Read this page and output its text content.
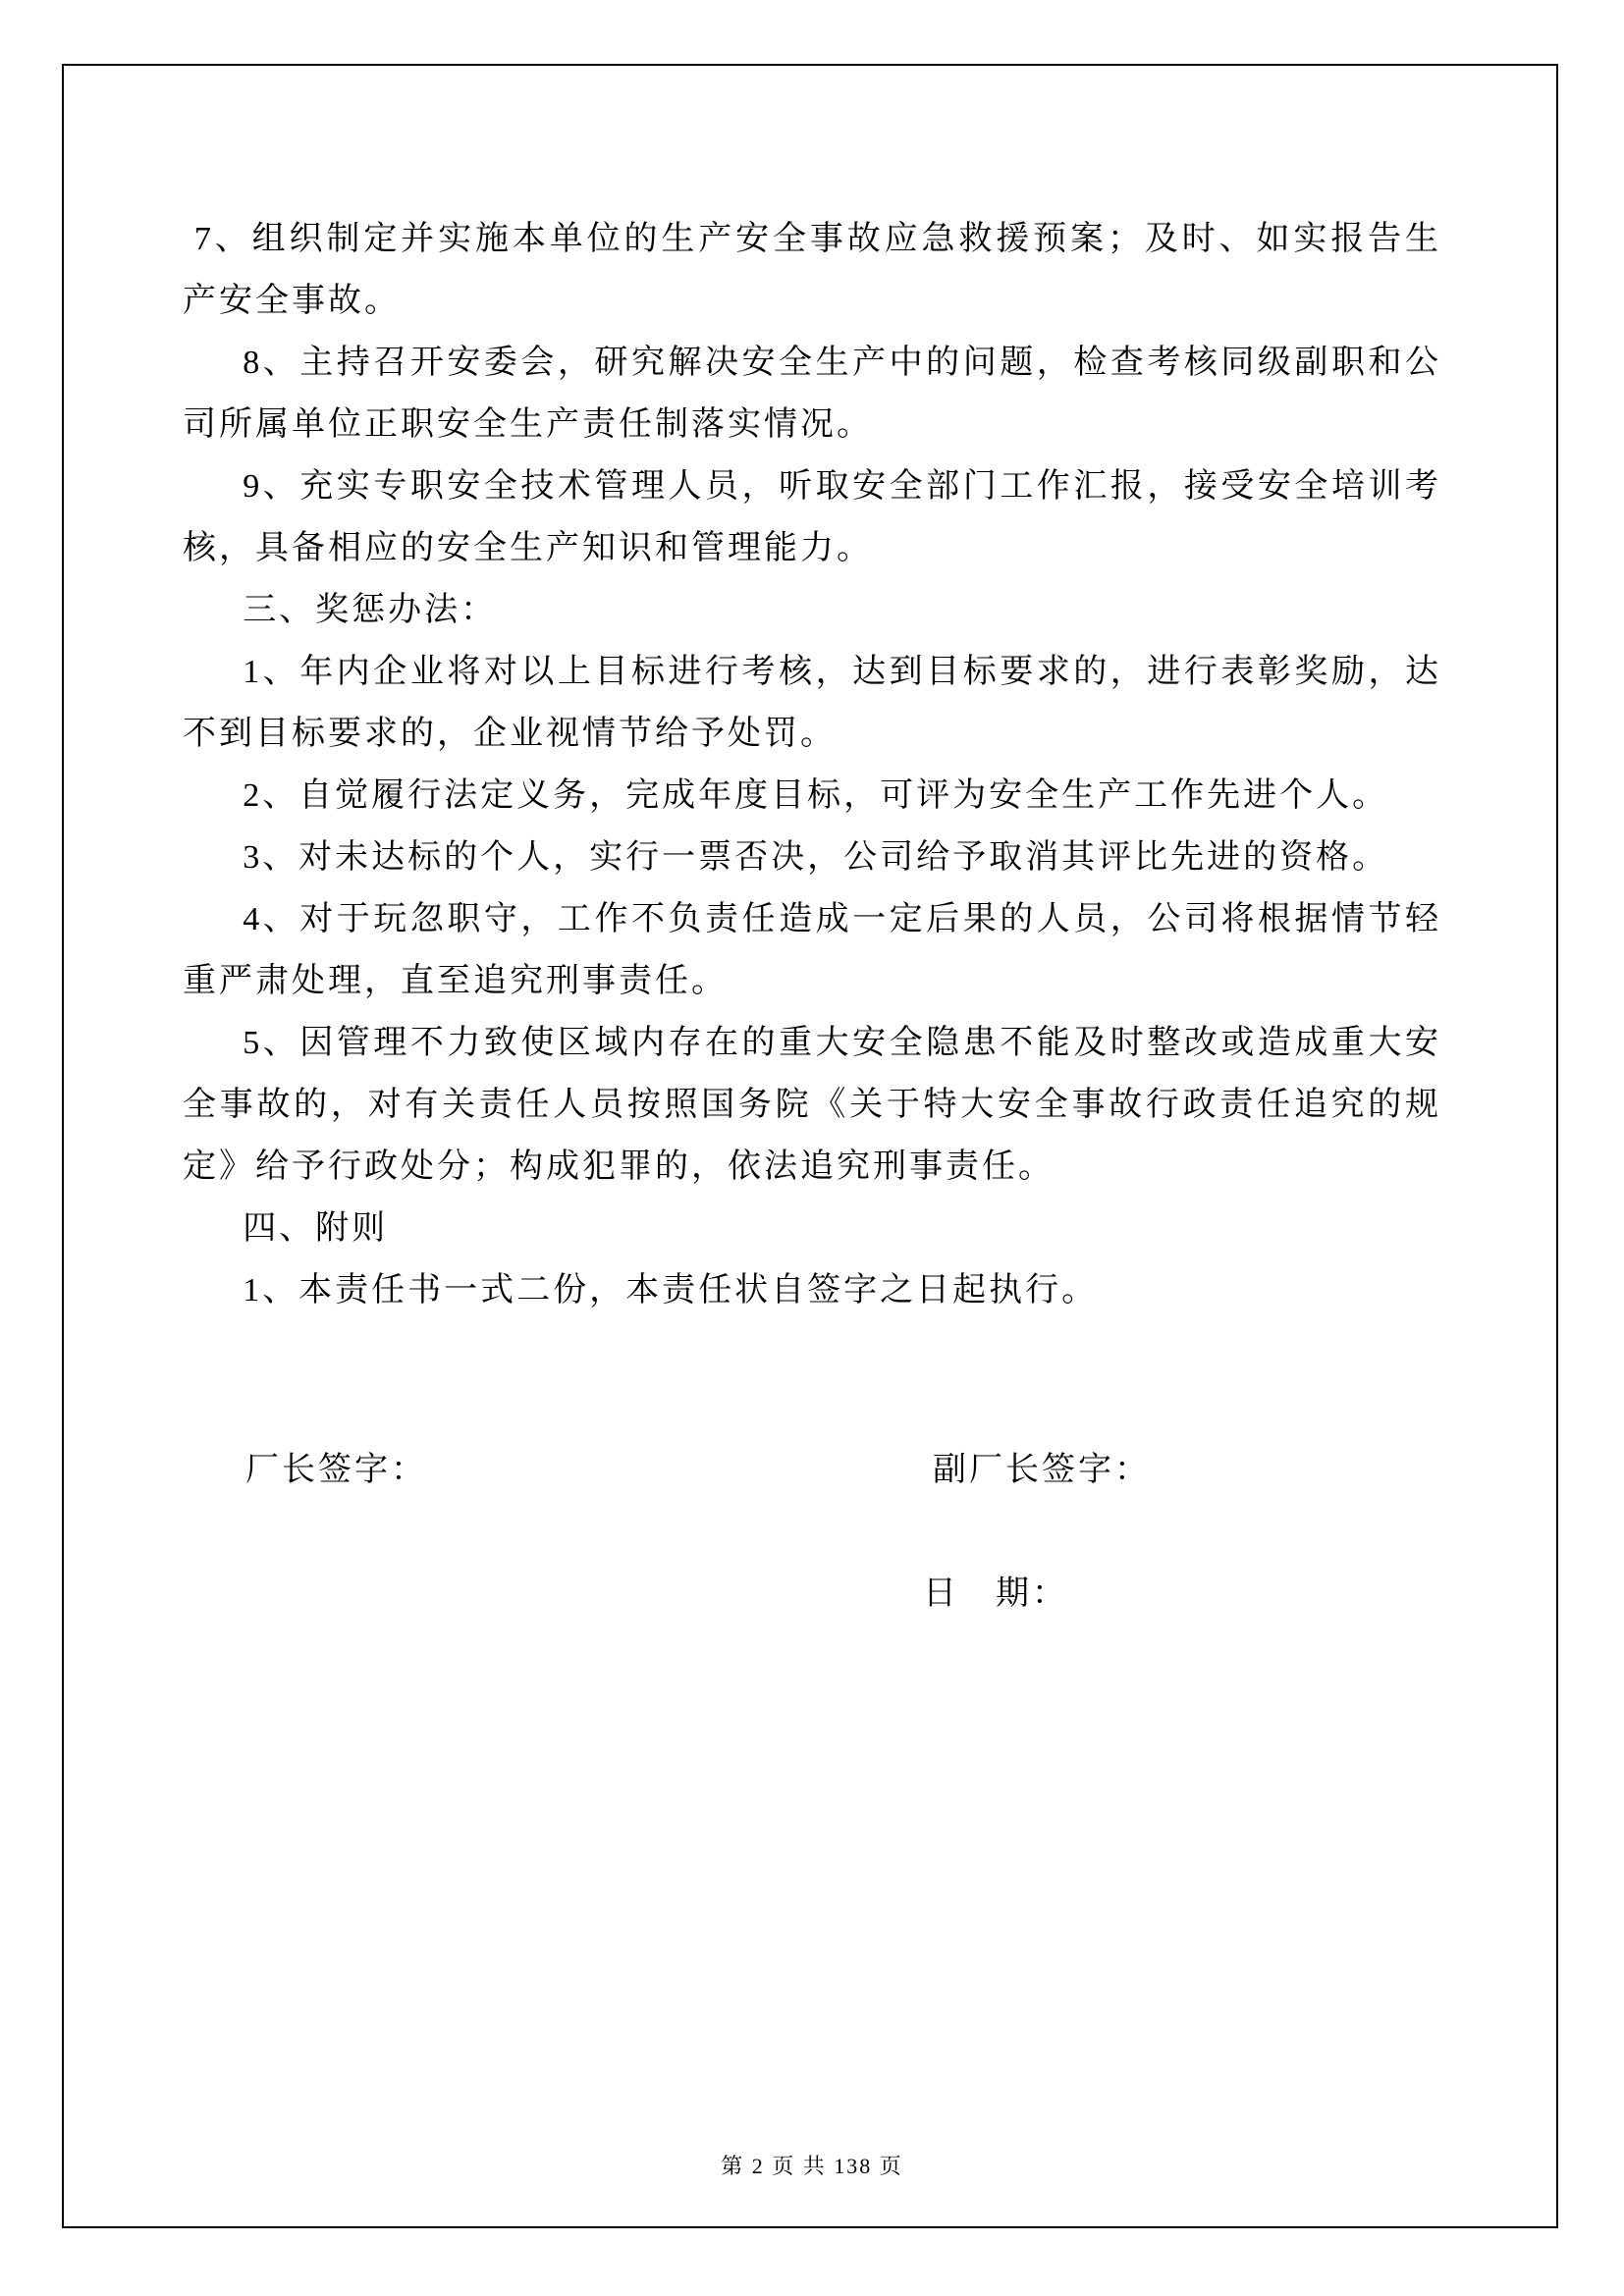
7、组织制定并实施本单位的生产安全事故应急救援预案；及时、如实报告生产安全事故。

8、主持召开安委会，研究解决安全生产中的问题，检查考核同级副职和公司所属单位正职安全生产责任制落实情况。

9、充实专职安全技术管理人员，听取安全部门工作汇报，接受安全培训考核，具备相应的安全生产知识和管理能力。

三、奖惩办法：

1、年内企业将对以上目标进行考核，达到目标要求的，进行表彰奖励，达不到目标要求的，企业视情节给予处罚。

2、自觉履行法定义务，完成年度目标，可评为安全生产工作先进个人。

3、对未达标的个人，实行一票否决，公司给予取消其评比先进的资格。

4、对于玩忽职守，工作不负责任造成一定后果的人员，公司将根据情节轻重严肃处理，直至追究刑事责任。

5、因管理不力致使区域内存在的重大安全隐患不能及时整改或造成重大安全事故的，对有关责任人员按照国务院《关于特大安全事故行政责任追究的规定》给予行政处分；构成犯罪的，依法追究刑事责任。

四、附则

1、本责任书一式二份，本责任状自签字之日起执行。

厂长签字：	副厂长签字：
日　期：
第 2 页 共 138 页
